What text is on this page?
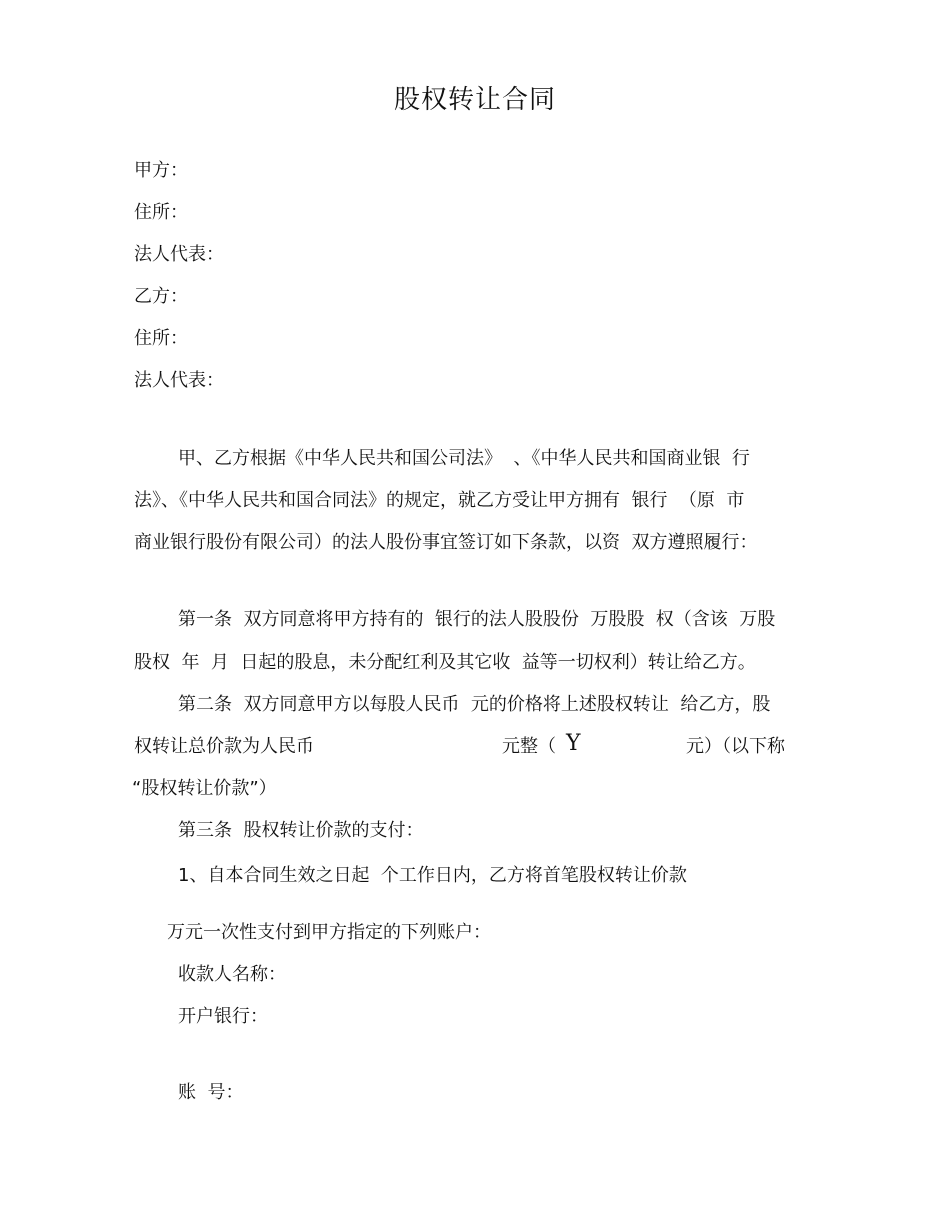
股权转让合同
甲方：
住所：
法人代表：
乙方：
住所：
法人代表：
甲、乙方根据《中华人民共和国公司法》  、《中华人民共和国商业银  行
法》、《中华人民共和国合同法》的规定，就乙方受让甲方拥有  银行  （原  市
商业银行股份有限公司）的法人股份事宜签订如下条款，以资  双方遵照履行：
第一条  双方同意将甲方持有的  银行的法人股股份  万股股  权（含该  万股
股权  年  月  日起的股息，未分配红利及其它收  益等一切权利）转让给乙方。
第二条  双方同意甲方以每股人民币  元的价格将上述股权转让  给乙方，股
权转让总价款为人民币	元整（ Y	元）（以下称
“股权转让价款”）
第三条  股权转让价款的支付：
1、自本合同生效之日起  个工作日内，乙方将首笔股权转让价款
万元一次性支付到甲方指定的下列账户：
收款人名称：
开户银行：
账  号：
